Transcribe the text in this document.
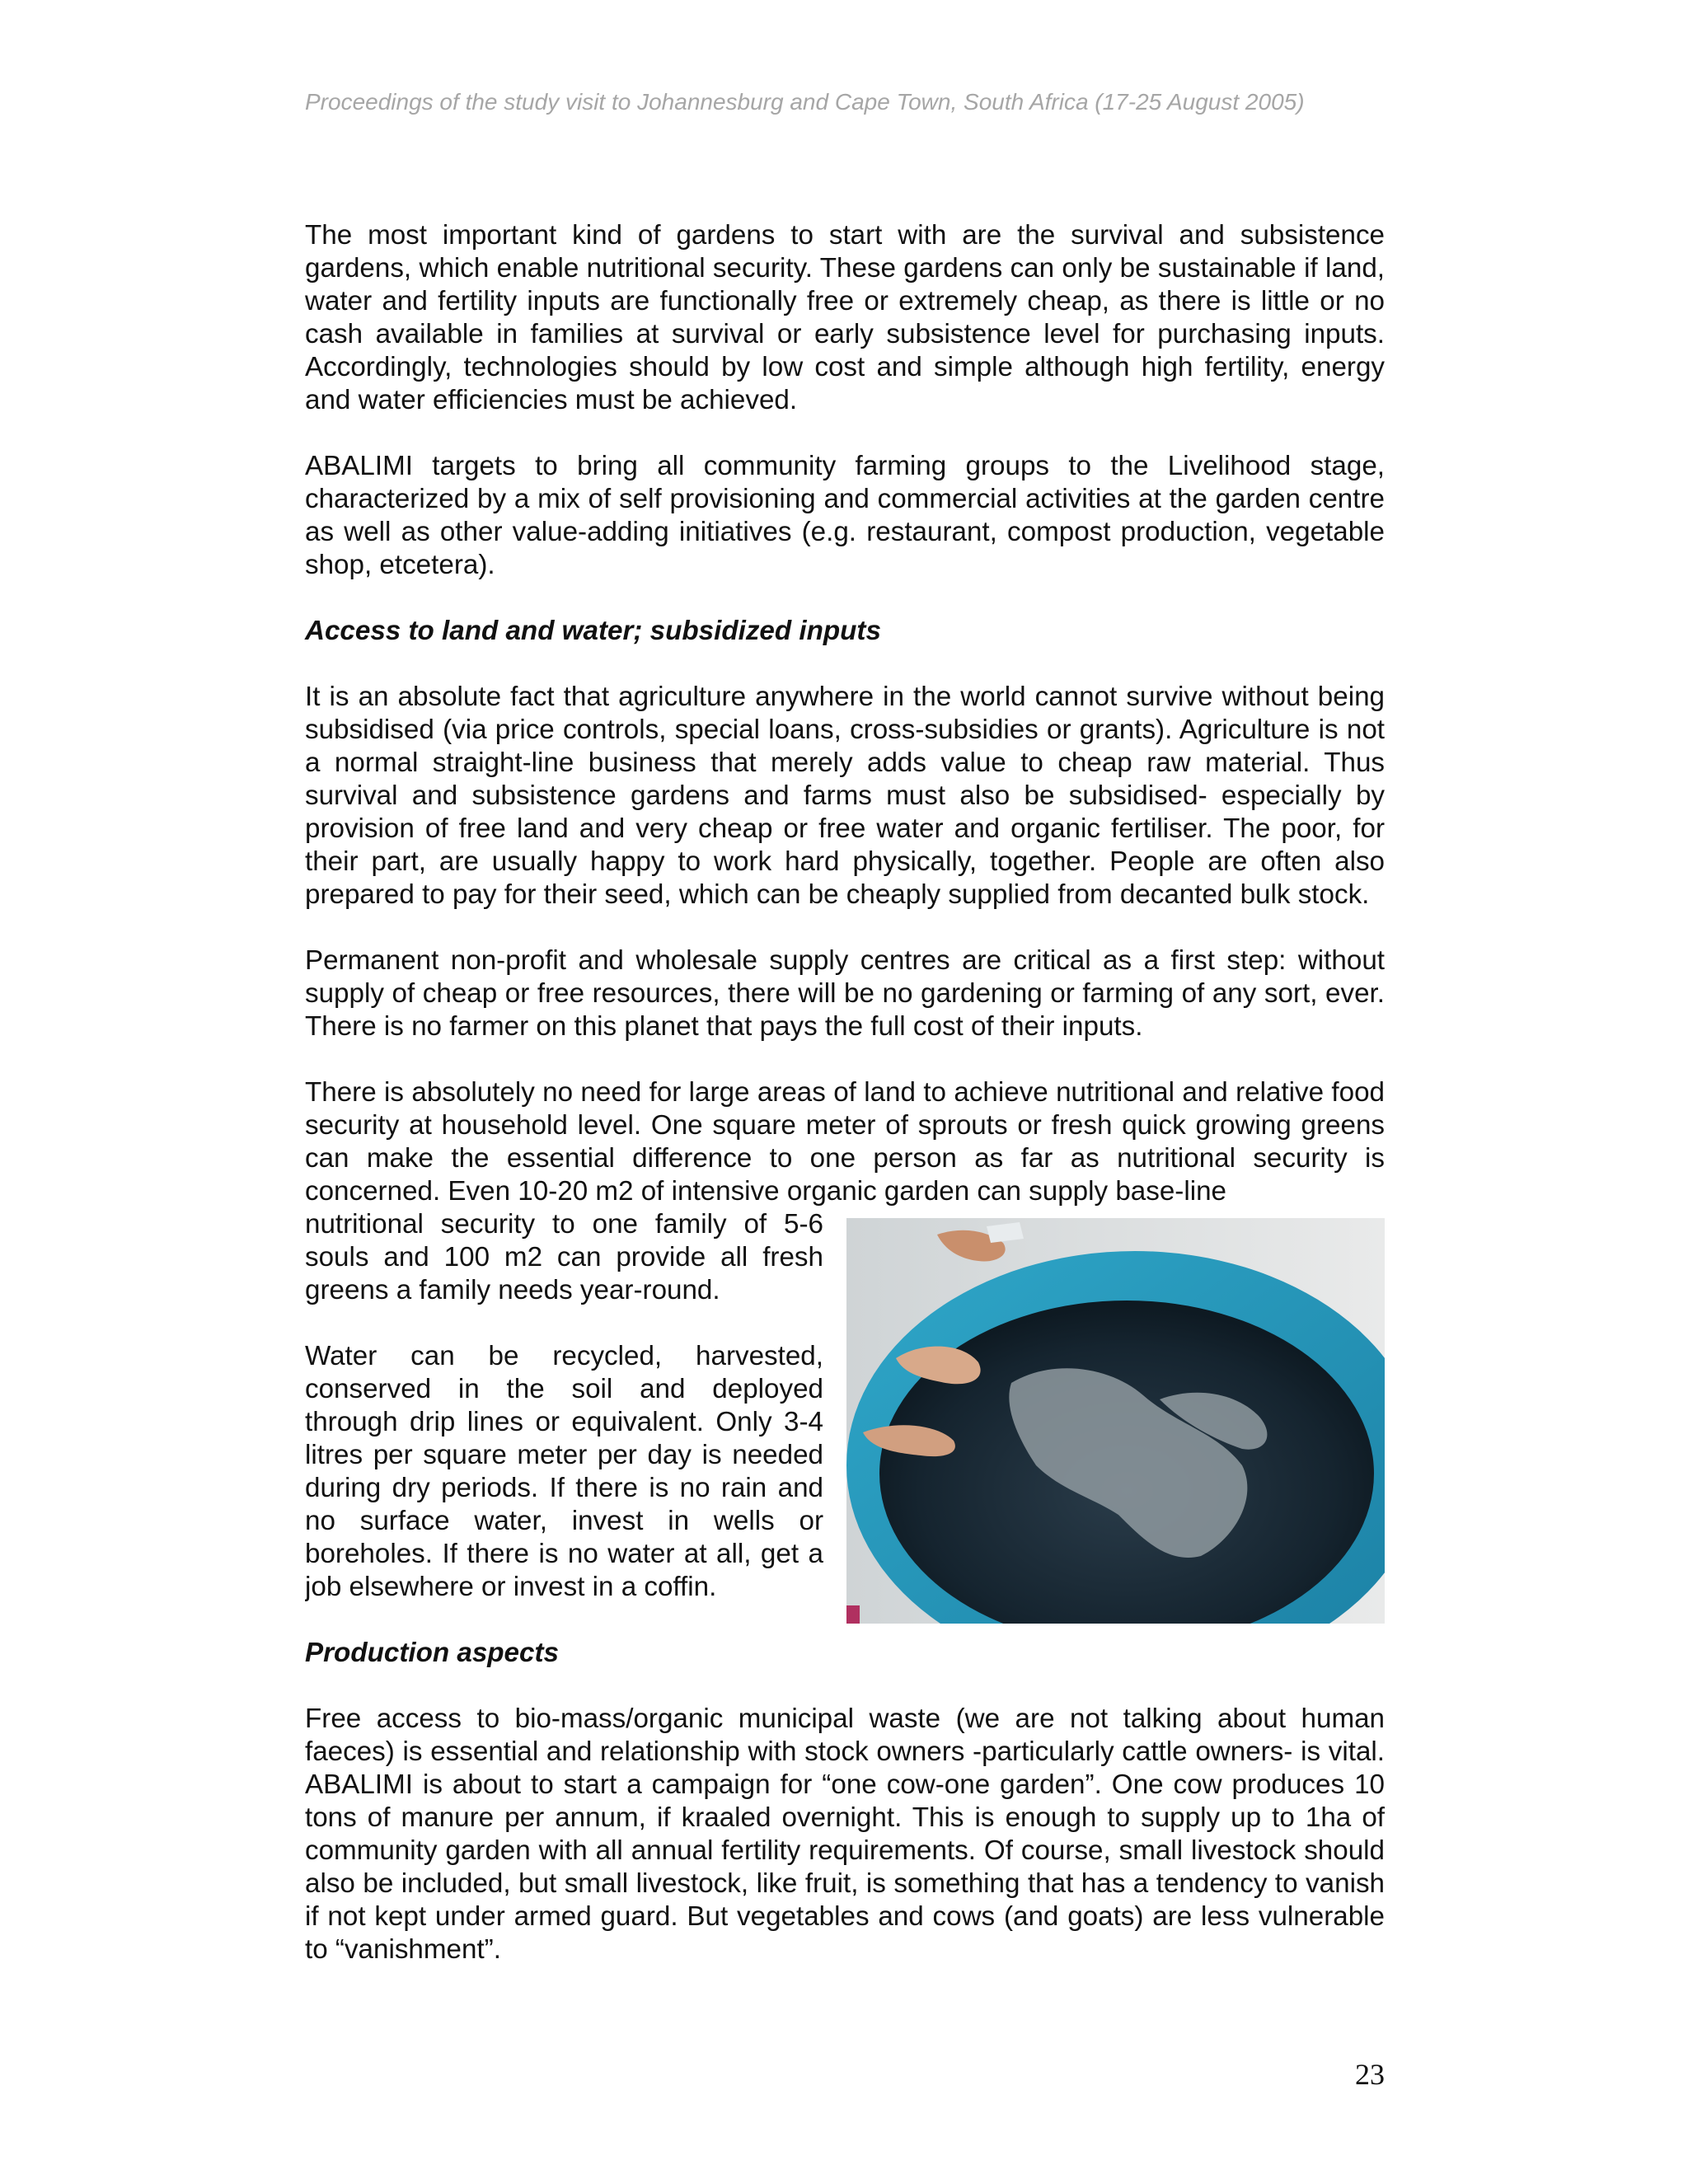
Proceedings of the study visit to Johannesburg and Cape Town, South Africa (17-25 August 2005)

The most important kind of gardens to start with are the survival and subsistence gardens, which enable nutritional security. These gardens can only be sustainable if land, water and fertility inputs are functionally free or extremely cheap, as there is little or no cash available in families at survival or early subsistence level for purchasing inputs. Accordingly, technologies should by low cost and simple although high fertility, energy and water efficiencies must be achieved.

ABALIMI targets to bring all community farming groups to the Livelihood stage, characterized by a mix of self provisioning and commercial activities at the garden centre as well as other value-adding initiatives (e.g. restaurant, compost production, vegetable shop, etcetera).

Access to land and water; subsidized inputs

It is an absolute fact that agriculture anywhere in the world cannot survive without being subsidised (via price controls, special loans, cross-subsidies or grants). Agriculture is not a normal straight-line business that merely adds value to cheap raw material. Thus survival and subsistence gardens and farms must also be subsidised- especially by provision of free land and very cheap or free water and organic fertiliser. The poor, for their part, are usually happy to work hard physically, together. People are often also prepared to pay for their seed, which can be cheaply supplied from decanted bulk stock.

Permanent non-profit and wholesale supply centres are critical as a first step: without supply of cheap or free resources, there will be no gardening or farming of any sort, ever. There is no farmer on this planet that pays the full cost of their inputs.

There is absolutely no need for large areas of land to achieve nutritional and relative food security at household level. One square meter of sprouts or fresh quick growing greens can make the essential difference to one person as far as nutritional security is concerned. Even 10-20 m2 of intensive organic garden can supply base-line

nutritional security to one family of 5-6 souls and 100 m2 can provide all fresh greens a family needs year-round.

Water can be recycled, harvested, conserved in the soil and deployed through drip lines or equivalent. Only 3-4 litres per square meter per day is needed during dry periods. If there is no rain and no surface water, invest in wells or boreholes. If there is no water at all, get a job elsewhere or invest in a coffin.

Production aspects

Free access to bio-mass/organic municipal waste (we are not talking about human faeces) is essential and relationship with stock owners -particularly cattle owners- is vital. ABALIMI is about to start a campaign for “one cow-one garden”. One cow produces 10 tons of manure per annum, if kraaled overnight. This is enough to supply up to 1ha of community garden with all annual fertility requirements. Of course, small livestock should also be included, but small livestock, like fruit, is something that has a tendency to vanish if not kept under armed guard. But vegetables and cows (and goats) are less vulnerable to “vanishment”.

23
